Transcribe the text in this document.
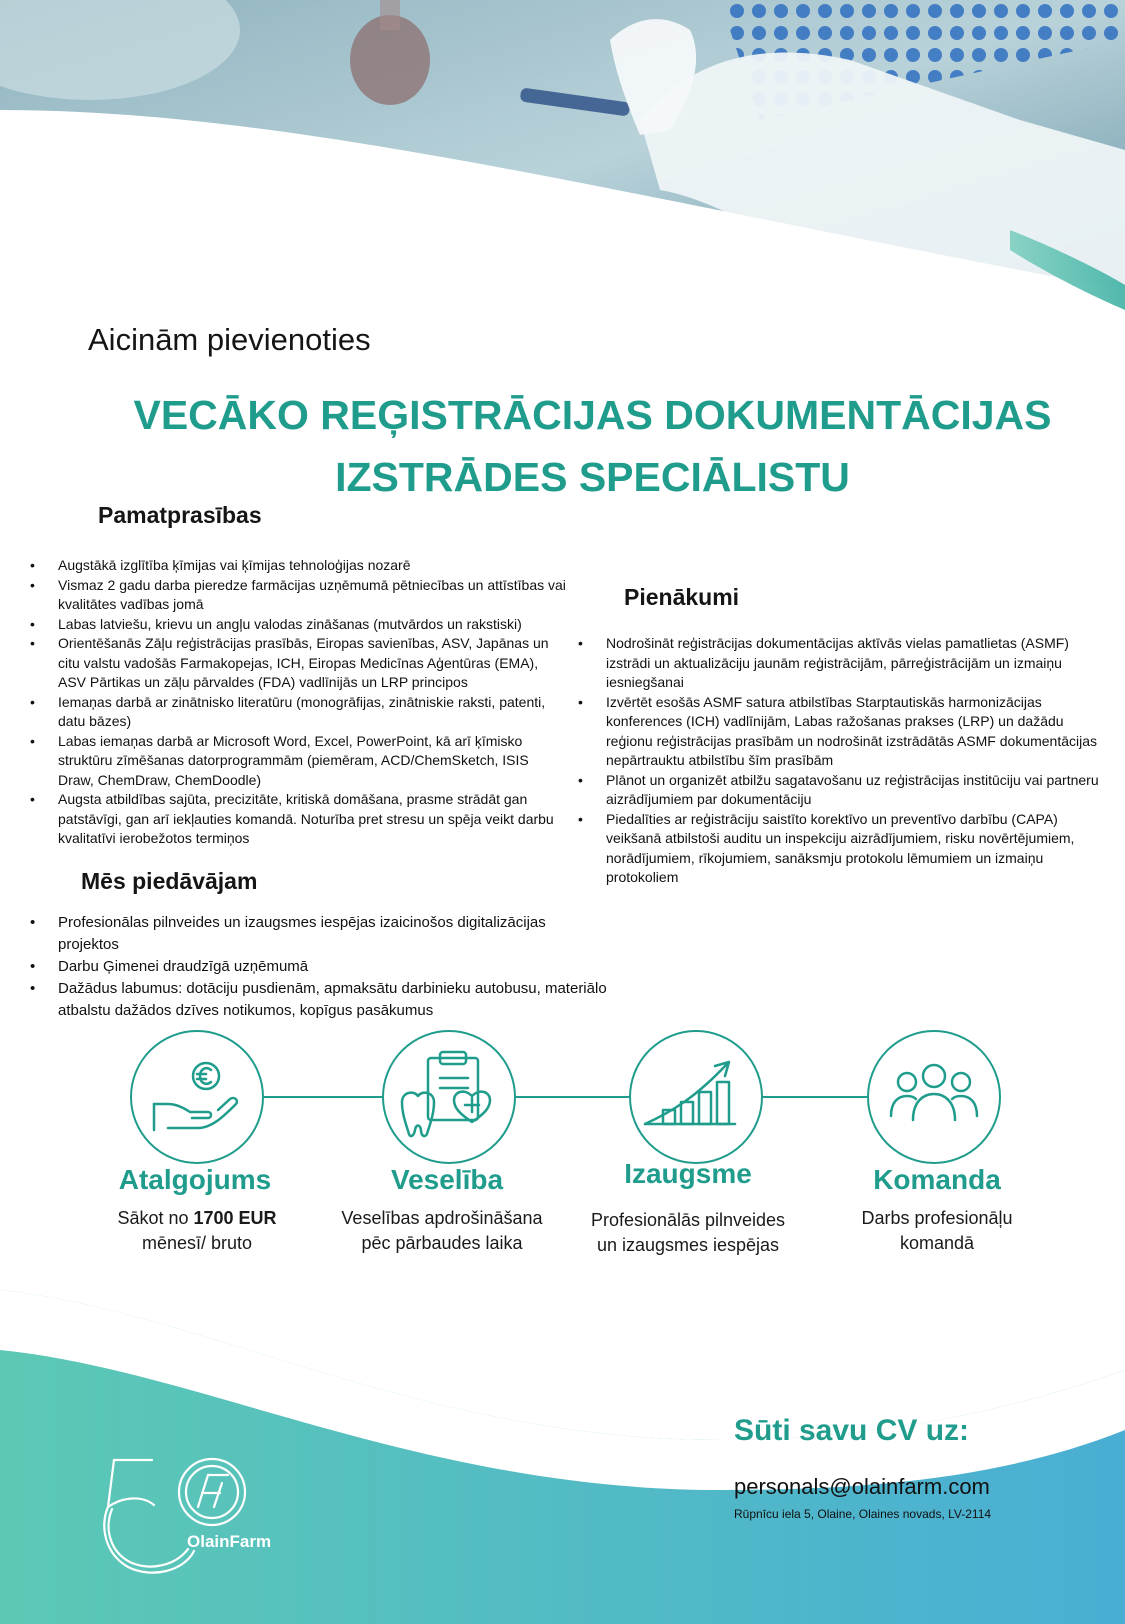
Aicinām pievienoties
VECĀKO REĢISTRĀCIJAS DOKUMENTĀCIJAS
IZSTRĀDES SPECIĀLISTU
Pamatprasības
• Augstākā izglītība ķīmijas vai ķīmijas tehnoloģijas nozarē
• Vismaz 2 gadu darba pieredze farmācijas uzņēmumā pētniecības un attīstības vai kvalitātes vadības jomā
• Labas latviešu, krievu un angļu valodas zināšanas (mutvārdos un rakstiski)
• Orientēšanās Zāļu reģistrācijas prasībās, Eiropas savienības, ASV, Japānas un citu valstu vadošās Farmakopejas, ICH, Eiropas Medicīnas Aģentūras (EMA), ASV Pārtikas un zāļu pārvaldes (FDA) vadlīnijās un LRP principos
• Iemaņas darbā ar zinātnisko literatūru (monogrāfijas, zinātniskie raksti, patenti, datu bāzes)
• Labas iemaņas darbā ar Microsoft Word, Excel, PowerPoint, kā arī ķīmisko struktūru zīmēšanas datorprogrammām (piemēram, ACD/ChemSketch, ISIS Draw, ChemDraw, ChemDoodle)
• Augsta atbildības sajūta, precizitāte, kritiskā domāšana, prasme strādāt gan patstāvīgi, gan arī iekļauties komandā. Noturība pret stresu un spēja veikt darbu kvalitatīvi ierobežotos termiņos
Mēs piedāvājam
• Profesionālas pilnveides un izaugsmes iespējas izaicinošos digitalizācijas projektos
• Darbu Ģimenei draudzīgā uzņēmumā
• Dažādus labumus: dotāciju pusdienām, apmaksātu darbinieku autobusu, materiālo atbalstu dažādos dzīves notikumos, kopīgus pasākumus
Pienākumi
• Nodrošināt reģistrācijas dokumentācijas aktīvās vielas pamatlietas (ASMF) izstrādi un aktualizāciju jaunām reģistrācijām, pārreģistrācijām un izmaiņu iesniegšanai
• Izvērtēt esošās ASMF satura atbilstības Starptautiskās harmonizācijas konferences (ICH) vadlīnijām, Labas ražošanas prakses (LRP) un dažādu reģionu reģistrācijas prasībām un nodrošināt izstrādātās ASMF dokumentācijas nepārtrauktu atbilstību šīm prasībām
• Plānot un organizēt atbilžu sagatavošanu uz reģistrācijas institūciju vai partneru aizrādījumiem par dokumentāciju
• Piedalīties ar reģistrāciju saistīto korektīvo un preventīvo darbību (CAPA) veikšanā atbilstoši auditu un inspekciju aizrādījumiem, risku novērtējumiem, norādījumiem, rīkojumiem, sanāksmju protokolu lēmumiem un izmaiņu protokoliem
Atalgojums
Sākot no 1700 EUR
mēnesī/ bruto
Veselība
Veselības apdrošināšana
pēc pārbaudes laika
Izaugsme
Profesionālās pilnveides
un izaugsmes iespējas
Komanda
Darbs profesionāļu
komandā
Sūti savu CV uz:
personals@olainfarm.com
Rūpnīcu iela 5, Olaine, Olaines novads, LV-2114
OlainFarm
